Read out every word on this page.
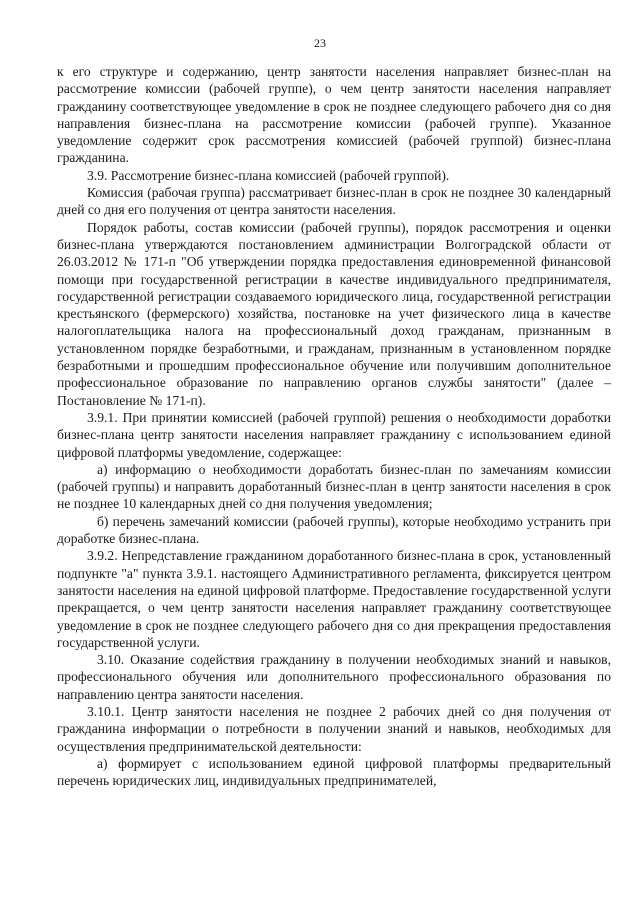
23

к его структуре и содержанию, центр занятости населения направляет бизнес-план на рассмотрение комиссии (рабочей группе), о чем центр занятости населения направляет гражданину соответствующее уведомление в срок не позднее следующего рабочего дня со дня направления бизнес-плана на рассмотрение комиссии (рабочей группе). Указанное уведомление содержит срок рассмотрения комиссией (рабочей группой) бизнес-плана гражданина.

3.9. Рассмотрение бизнес-плана комиссией (рабочей группой).

Комиссия (рабочая группа) рассматривает бизнес-план в срок не позднее 30 календарный дней со дня его получения от центра занятости населения.

Порядок работы, состав комиссии (рабочей группы), порядок рассмотрения и оценки бизнес-плана утверждаются постановлением администрации Волгоградской области от 26.03.2012 № 171-п "Об утверждении порядка предоставления единовременной финансовой помощи при государственной регистрации в качестве индивидуального предпринимателя, государственной регистрации создаваемого юридического лица, государственной регистрации крестьянского (фермерского) хозяйства, постановке на учет физического лица в качестве налогоплательщика налога на профессиональный доход гражданам, признанным в установленном порядке безработными, и гражданам, признанным в установленном порядке безработными и прошедшим профессиональное обучение или получившим дополнительное профессиональное образование по направлению органов службы занятости" (далее – Постановление № 171-п).

3.9.1. При принятии комиссией (рабочей группой) решения о необходимости доработки бизнес-плана центр занятости населения направляет гражданину с использованием единой цифровой платформы уведомление, содержащее:

а) информацию о необходимости доработать бизнес-план по замечаниям комиссии (рабочей группы) и направить доработанный бизнес-план в центр занятости населения в срок не позднее 10 календарных дней со дня получения уведомления;

б) перечень замечаний комиссии (рабочей группы), которые необходимо устранить при доработке бизнес-плана.

3.9.2. Непредставление гражданином доработанного бизнес-плана в срок, установленный подпункте "а" пункта 3.9.1. настоящего Административного регламента, фиксируется центром занятости населения на единой цифровой платформе. Предоставление государственной услуги прекращается, о чем центр занятости населения направляет гражданину соответствующее уведомление в срок не позднее следующего рабочего дня со дня прекращения предоставления государственной услуги.

3.10. Оказание содействия гражданину в получении необходимых знаний и навыков, профессионального обучения или дополнительного профессионального образования по направлению центра занятости населения.

3.10.1. Центр занятости населения не позднее 2 рабочих дней со дня получения от гражданина информации о потребности в получении знаний и навыков, необходимых для осуществления предпринимательской деятельности:

а) формирует с использованием единой цифровой платформы предварительный перечень юридических лиц, индивидуальных предпринимателей,
